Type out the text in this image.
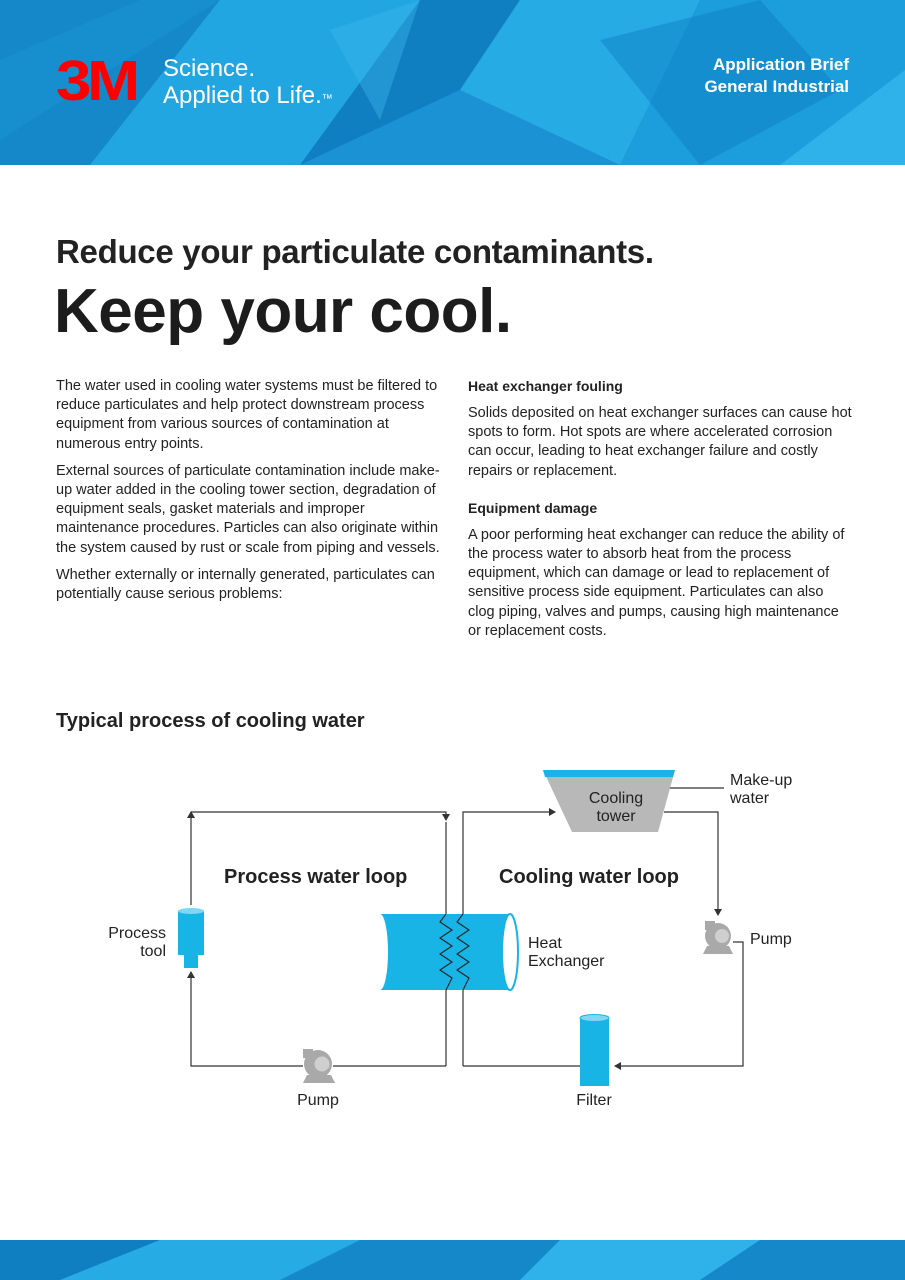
3M Science.
Applied to Life.™
Application Brief
General Industrial
Reduce your particulate contaminants.
Keep your cool.

The water used in cooling water systems must be filtered to reduce particulates and help protect downstream process equipment from various sources of contamination at numerous entry points.

External sources of particulate contamination include make-up water added in the cooling tower section, degradation of equipment seals, gasket materials and improper maintenance procedures. Particles can also originate within the system caused by rust or scale from piping and vessels.

Whether externally or internally generated, particulates can potentially cause serious problems:

Heat exchanger fouling

Solids deposited on heat exchanger surfaces can cause hot spots to form. Hot spots are where accelerated corrosion can occur, leading to heat exchanger failure and costly repairs or replacement.

Equipment damage

A poor performing heat exchanger can reduce the ability of the process water to absorb heat from the process equipment, which can damage or lead to replacement of sensitive process side equipment. Particulates can also clog piping, valves and pumps, causing high maintenance or replacement costs.

Typical process of cooling water
Cooling
tower
Make-up
water
Process water loop	Cooling water loop
Process
tool	Heat
Exchanger
Pump
Filter
Pump
